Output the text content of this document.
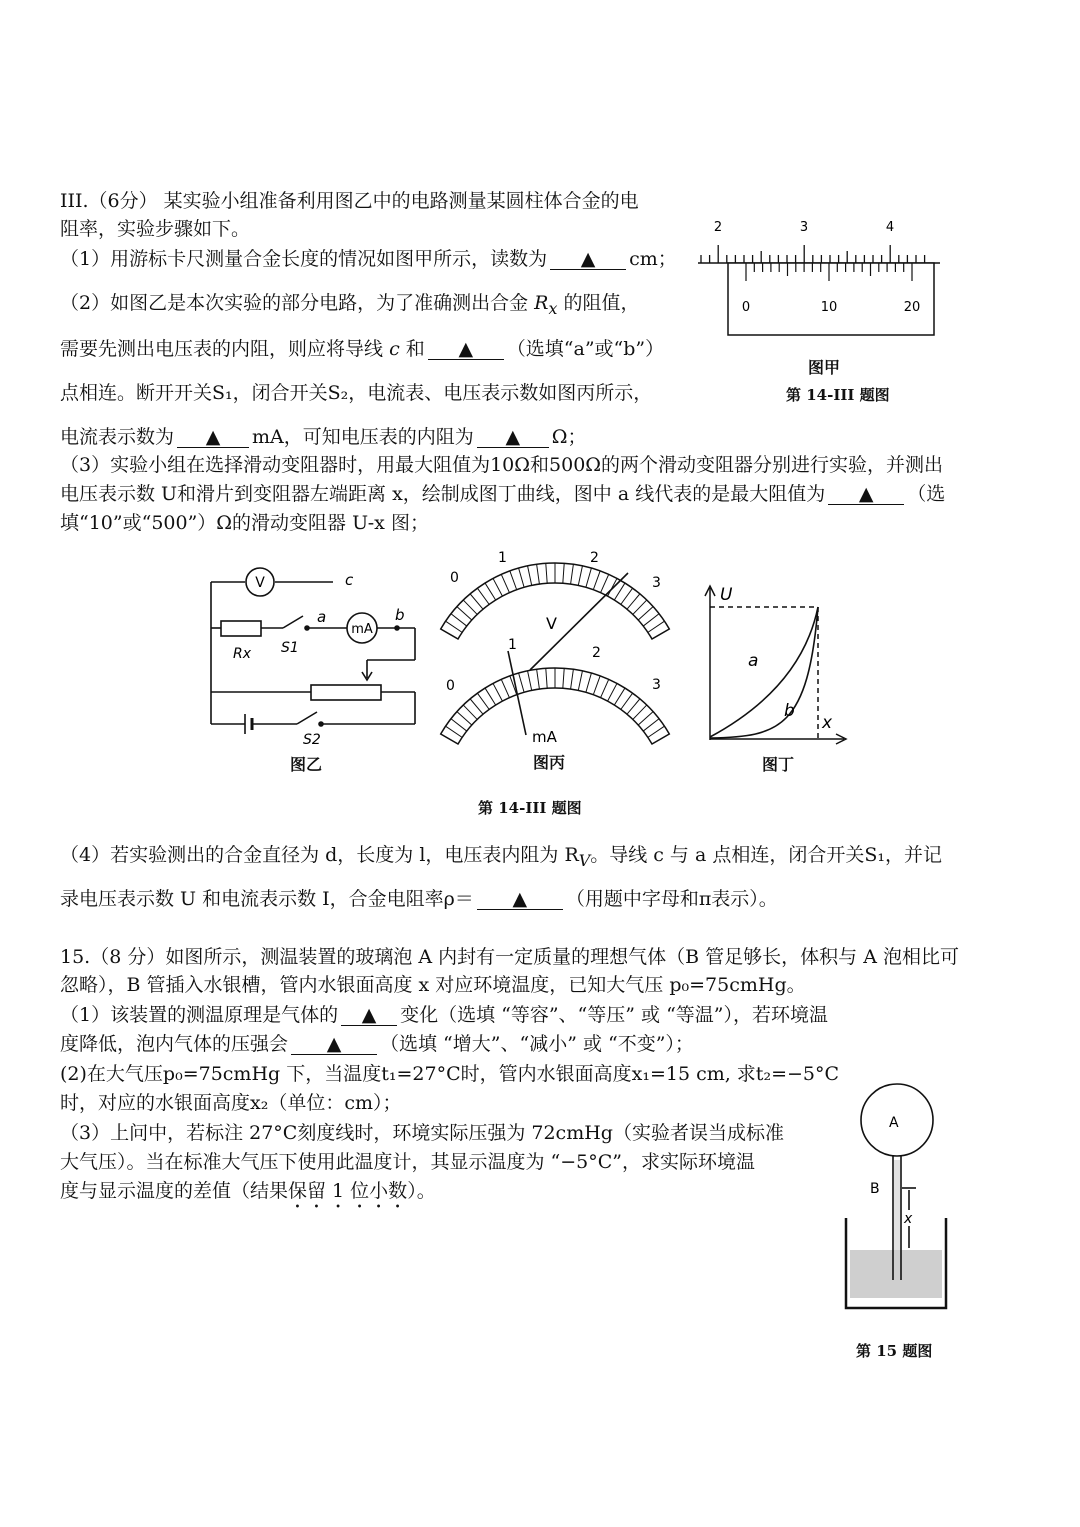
III.（6分） 某实验小组准备利用图乙中的电路测量某圆柱体合金的电
阻率，实验步骤如下。
（1）用游标卡尺测量合金长度的情况如图甲所示，读数为 ▲ cm；
（2）如图乙是本次实验的部分电路，为了准确测出合金 $R_x$ 的阻值，
需要先测出电压表的内阻，则应将导线 c 和 ▲ （选填“a”或“b”）
点相连。断开开关S₁，闭合开关S₂，电流表、电压表示数如图丙所示，
电流表示数为 ▲ mA，可知电压表的内阻为 ▲ Ω；
（3）实验小组在选择滑动变阻器时，用最大阻值为10Ω和500Ω的两个滑动变阻器分别进行实验，并测出
电压表示数 U和滑片到变阻器左端距离 x，绘制成图丁曲线，图中 a 线代表的是最大阻值为 ▲ （选
填“10”或“500”）Ω的滑动变阻器 U-x 图；
2	3	4
0	10	20
图甲
第 14-III 题图
V	c
a
mA
b
Rx S1
S2
图乙
0
1	2
3
V
0
1	2
3
mA
图丙
U
x
a
b
图丁
第 14-III 题图
（4）若实验测出的合金直径为 d，长度为 l，电压表内阻为 $R_V$。导线 c 与 a 点相连，闭合开关S₁，并记
录电压表示数 U 和电流表示数 I，合金电阻率ρ＝ ▲ （用题中字母和π表示）。
15.（8 分）如图所示，测温装置的玻璃泡 A 内封有一定质量的理想气体（B 管足够长，体积与 A 泡相比可
忽略），B 管插入水银槽，管内水银面高度 x 对应环境温度，已知大气压 p₀=75cmHg。
（1）该装置的测温原理是气体的 ▲ 变化（选填 “等容”、“等压” 或 “等温”），若环境温
度降低，泡内气体的压强会 ▲ （选填 “增大”、“减小” 或 “不变”）；
(2)在大气压p₀=75cmHg 下，当温度t₁=27°C时，管内水银面高度x₁=15 cm, 求t₂=−5°C
时，对应的水银面高度x₂（单位：cm）；
（3）上问中，若标注 27°C刻度线时，环境实际压强为 72cmHg（实验者误当成标准
大气压）。当在标准大气压下使用此温度计，其显示温度为 “−5°C”，求实际环境温
度与显示温度的差值（结果保留 1 位小数）。
A
B
x
第 15 题图
